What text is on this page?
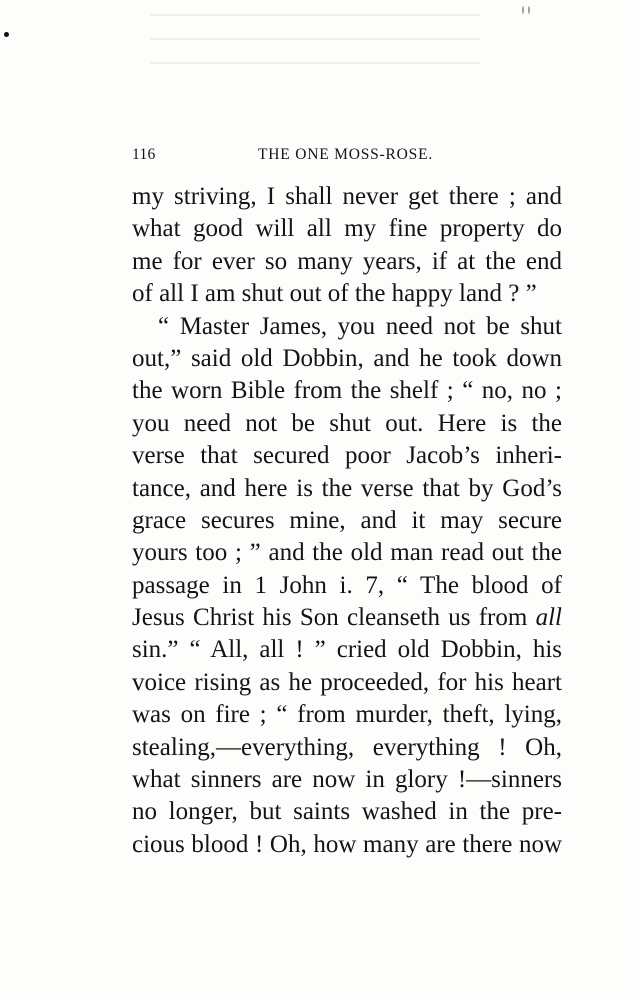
116	THE ONE MOSS-ROSE.
my striving, I shall never get there ; and
what good will all my fine property do
me for ever so many years, if at the end
of all I am shut out of the happy land ? ”
“ Master James, you need not be shut
out,” said old Dobbin, and he took down
the worn Bible from the shelf ; “ no, no ;
you need not be shut out. Here is the
verse that secured poor Jacob’s inheri-
tance, and here is the verse that by God’s
grace secures mine, and it may secure
yours too ; ” and the old man read out the
passage in 1 John i. 7, “ The blood of
Jesus Christ his Son cleanseth us from all
sin.” “ All, all ! ” cried old Dobbin, his
voice rising as he proceeded, for his heart
was on fire ; “ from murder, theft, lying,
stealing,—everything, everything ! Oh,
what sinners are now in glory !—sinners
no longer, but saints washed in the pre-
cious blood ! Oh, how many are there now
